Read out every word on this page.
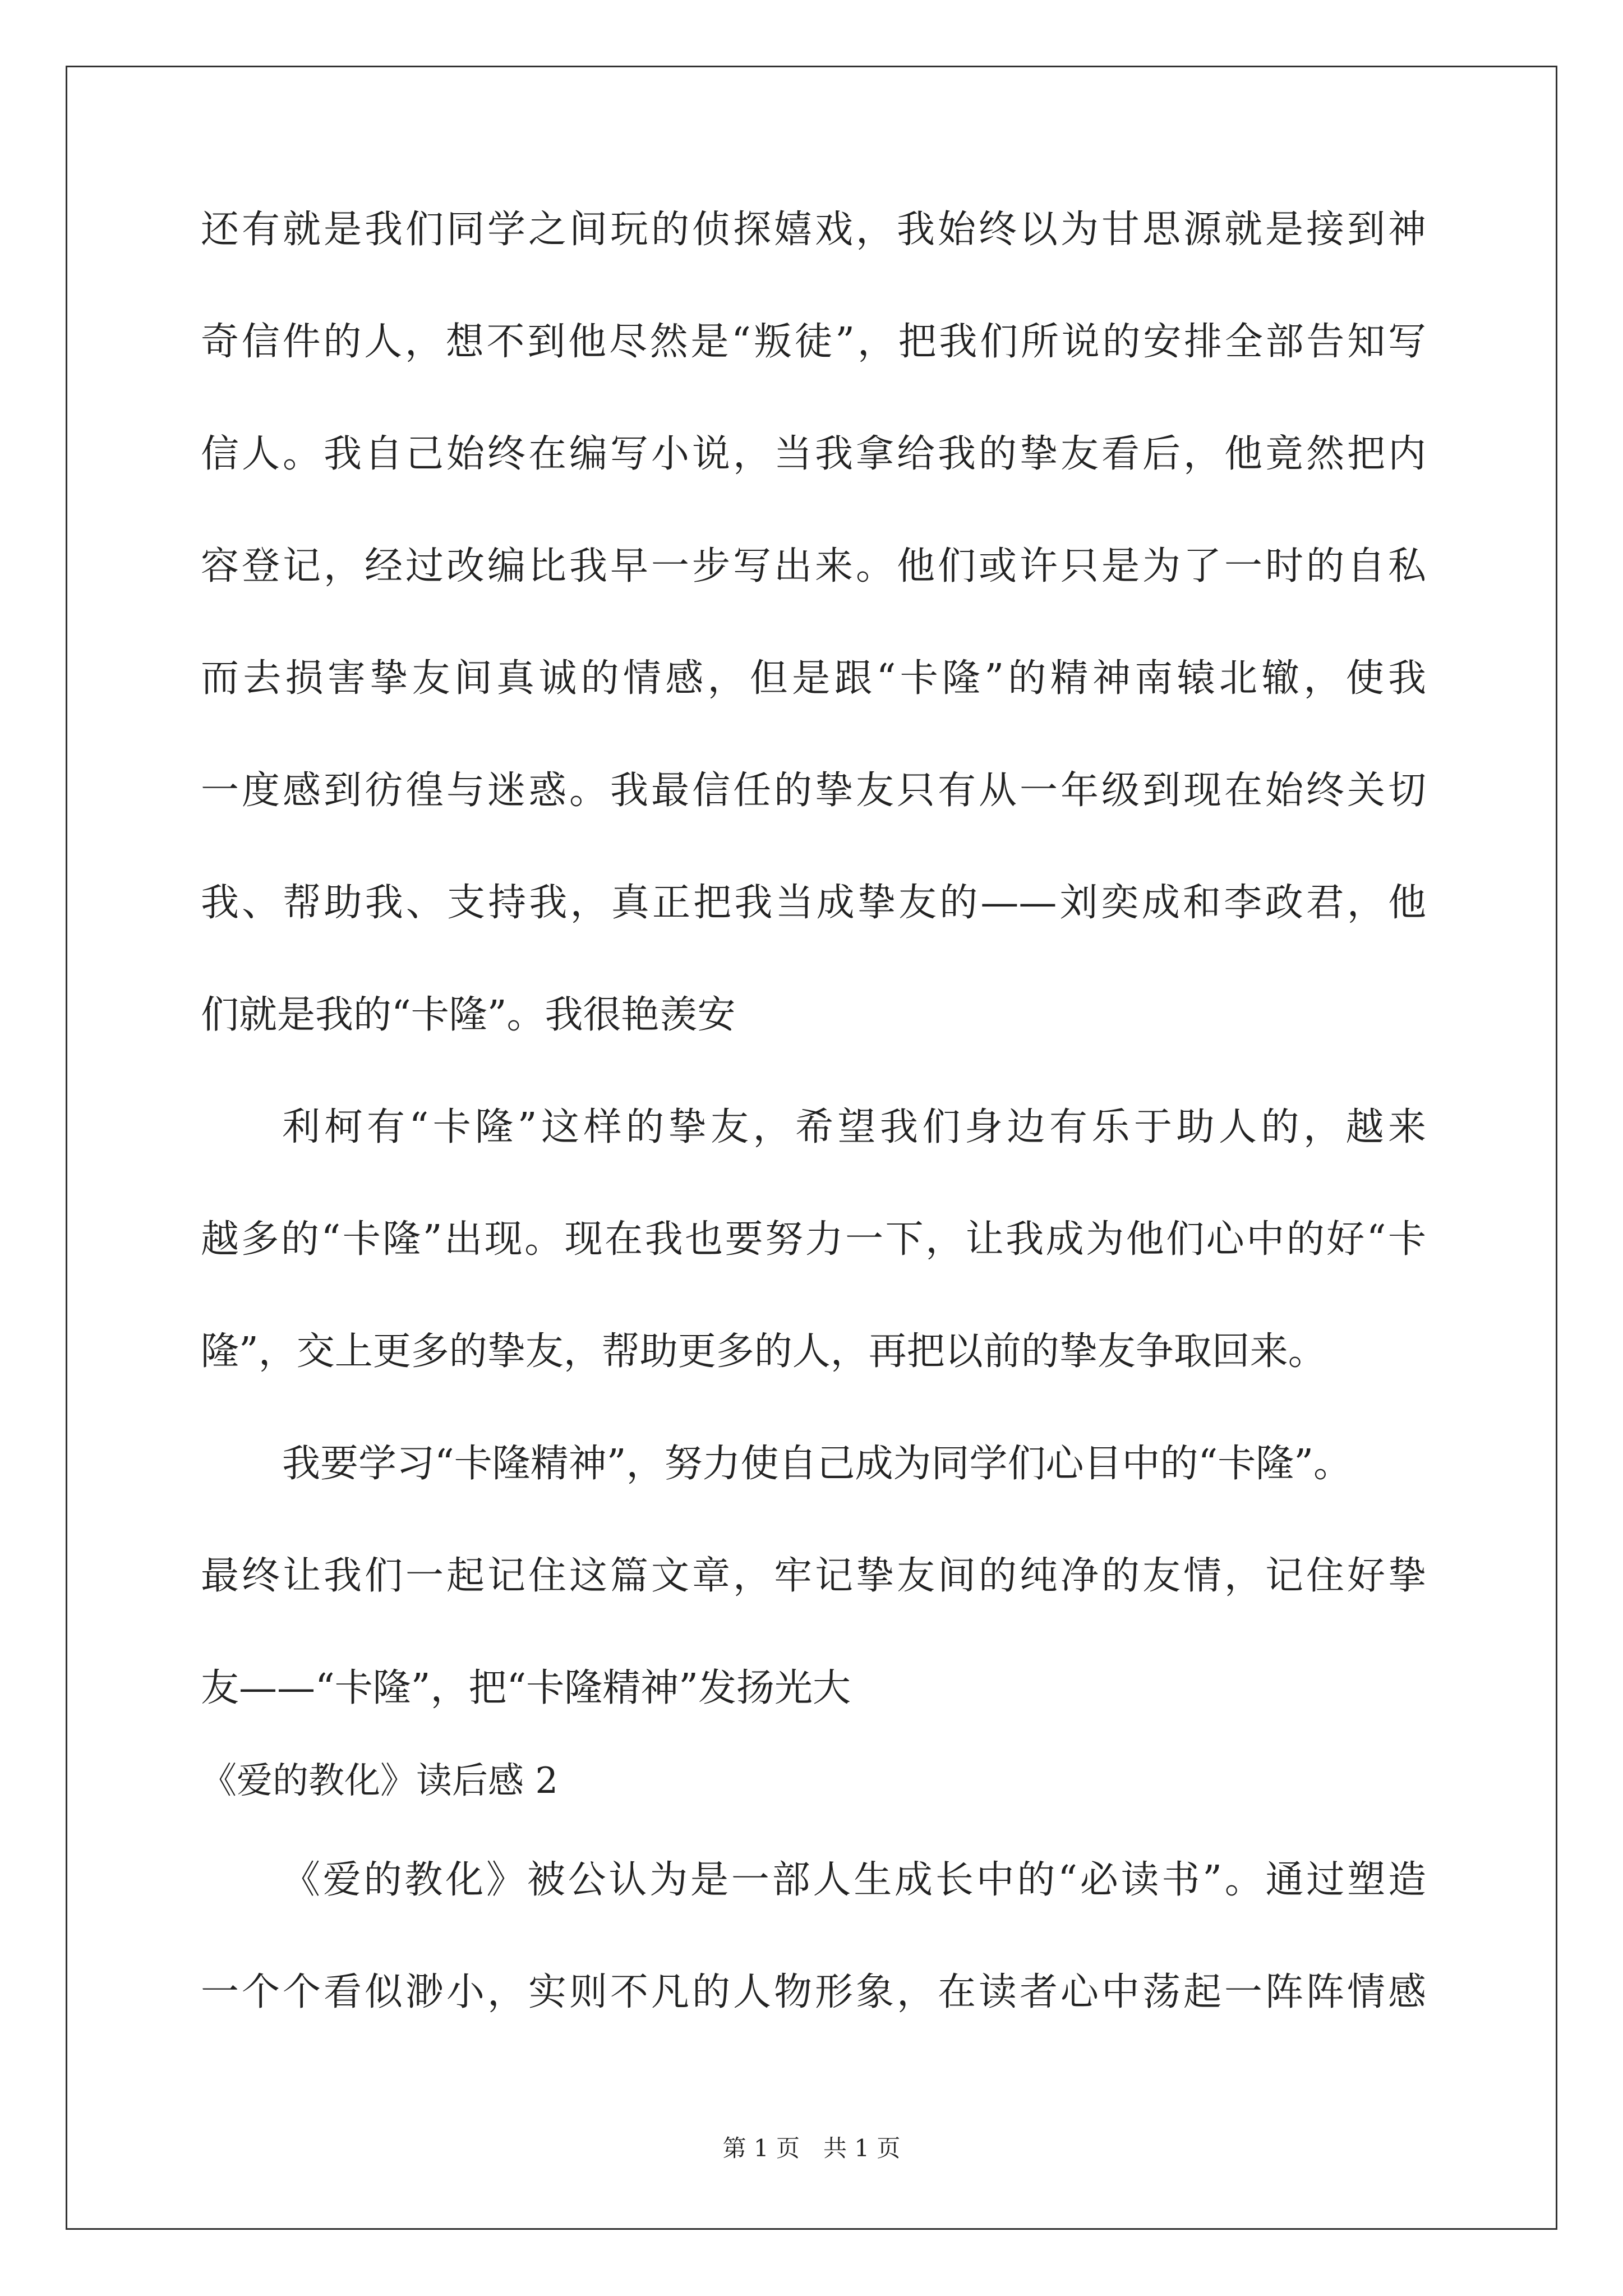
还有就是我们同学之间玩的侦探嬉戏，我始终以为甘思源就是接到神
奇信件的人，想不到他尽然是“叛徒”，把我们所说的安排全部告知写
信人。我自己始终在编写小说，当我拿给我的挚友看后，他竟然把内
容登记，经过改编比我早一步写出来。他们或许只是为了一时的自私
而去损害挚友间真诚的情感，但是跟“卡隆”的精神南辕北辙，使我
一度感到彷徨与迷惑。我最信任的挚友只有从一年级到现在始终关切
我、帮助我、支持我，真正把我当成挚友的——刘奕成和李政君，他
们就是我的“卡隆”。我很艳羡安
利柯有“卡隆”这样的挚友，希望我们身边有乐于助人的，越来
越多的“卡隆”出现。现在我也要努力一下，让我成为他们心中的好“卡
隆”，交上更多的挚友，帮助更多的人，再把以前的挚友争取回来。
我要学习“卡隆精神”，努力使自己成为同学们心目中的“卡隆”。
最终让我们一起记住这篇文章，牢记挚友间的纯净的友情，记住好挚
友——“卡隆”，把“卡隆精神”发扬光大
《爱的教化》读后感 2
《爱的教化》被公认为是一部人生成长中的“必读书”。通过塑造
一个个看似渺小，实则不凡的人物形象，在读者心中荡起一阵阵情感
第 1 页　共 1 页
